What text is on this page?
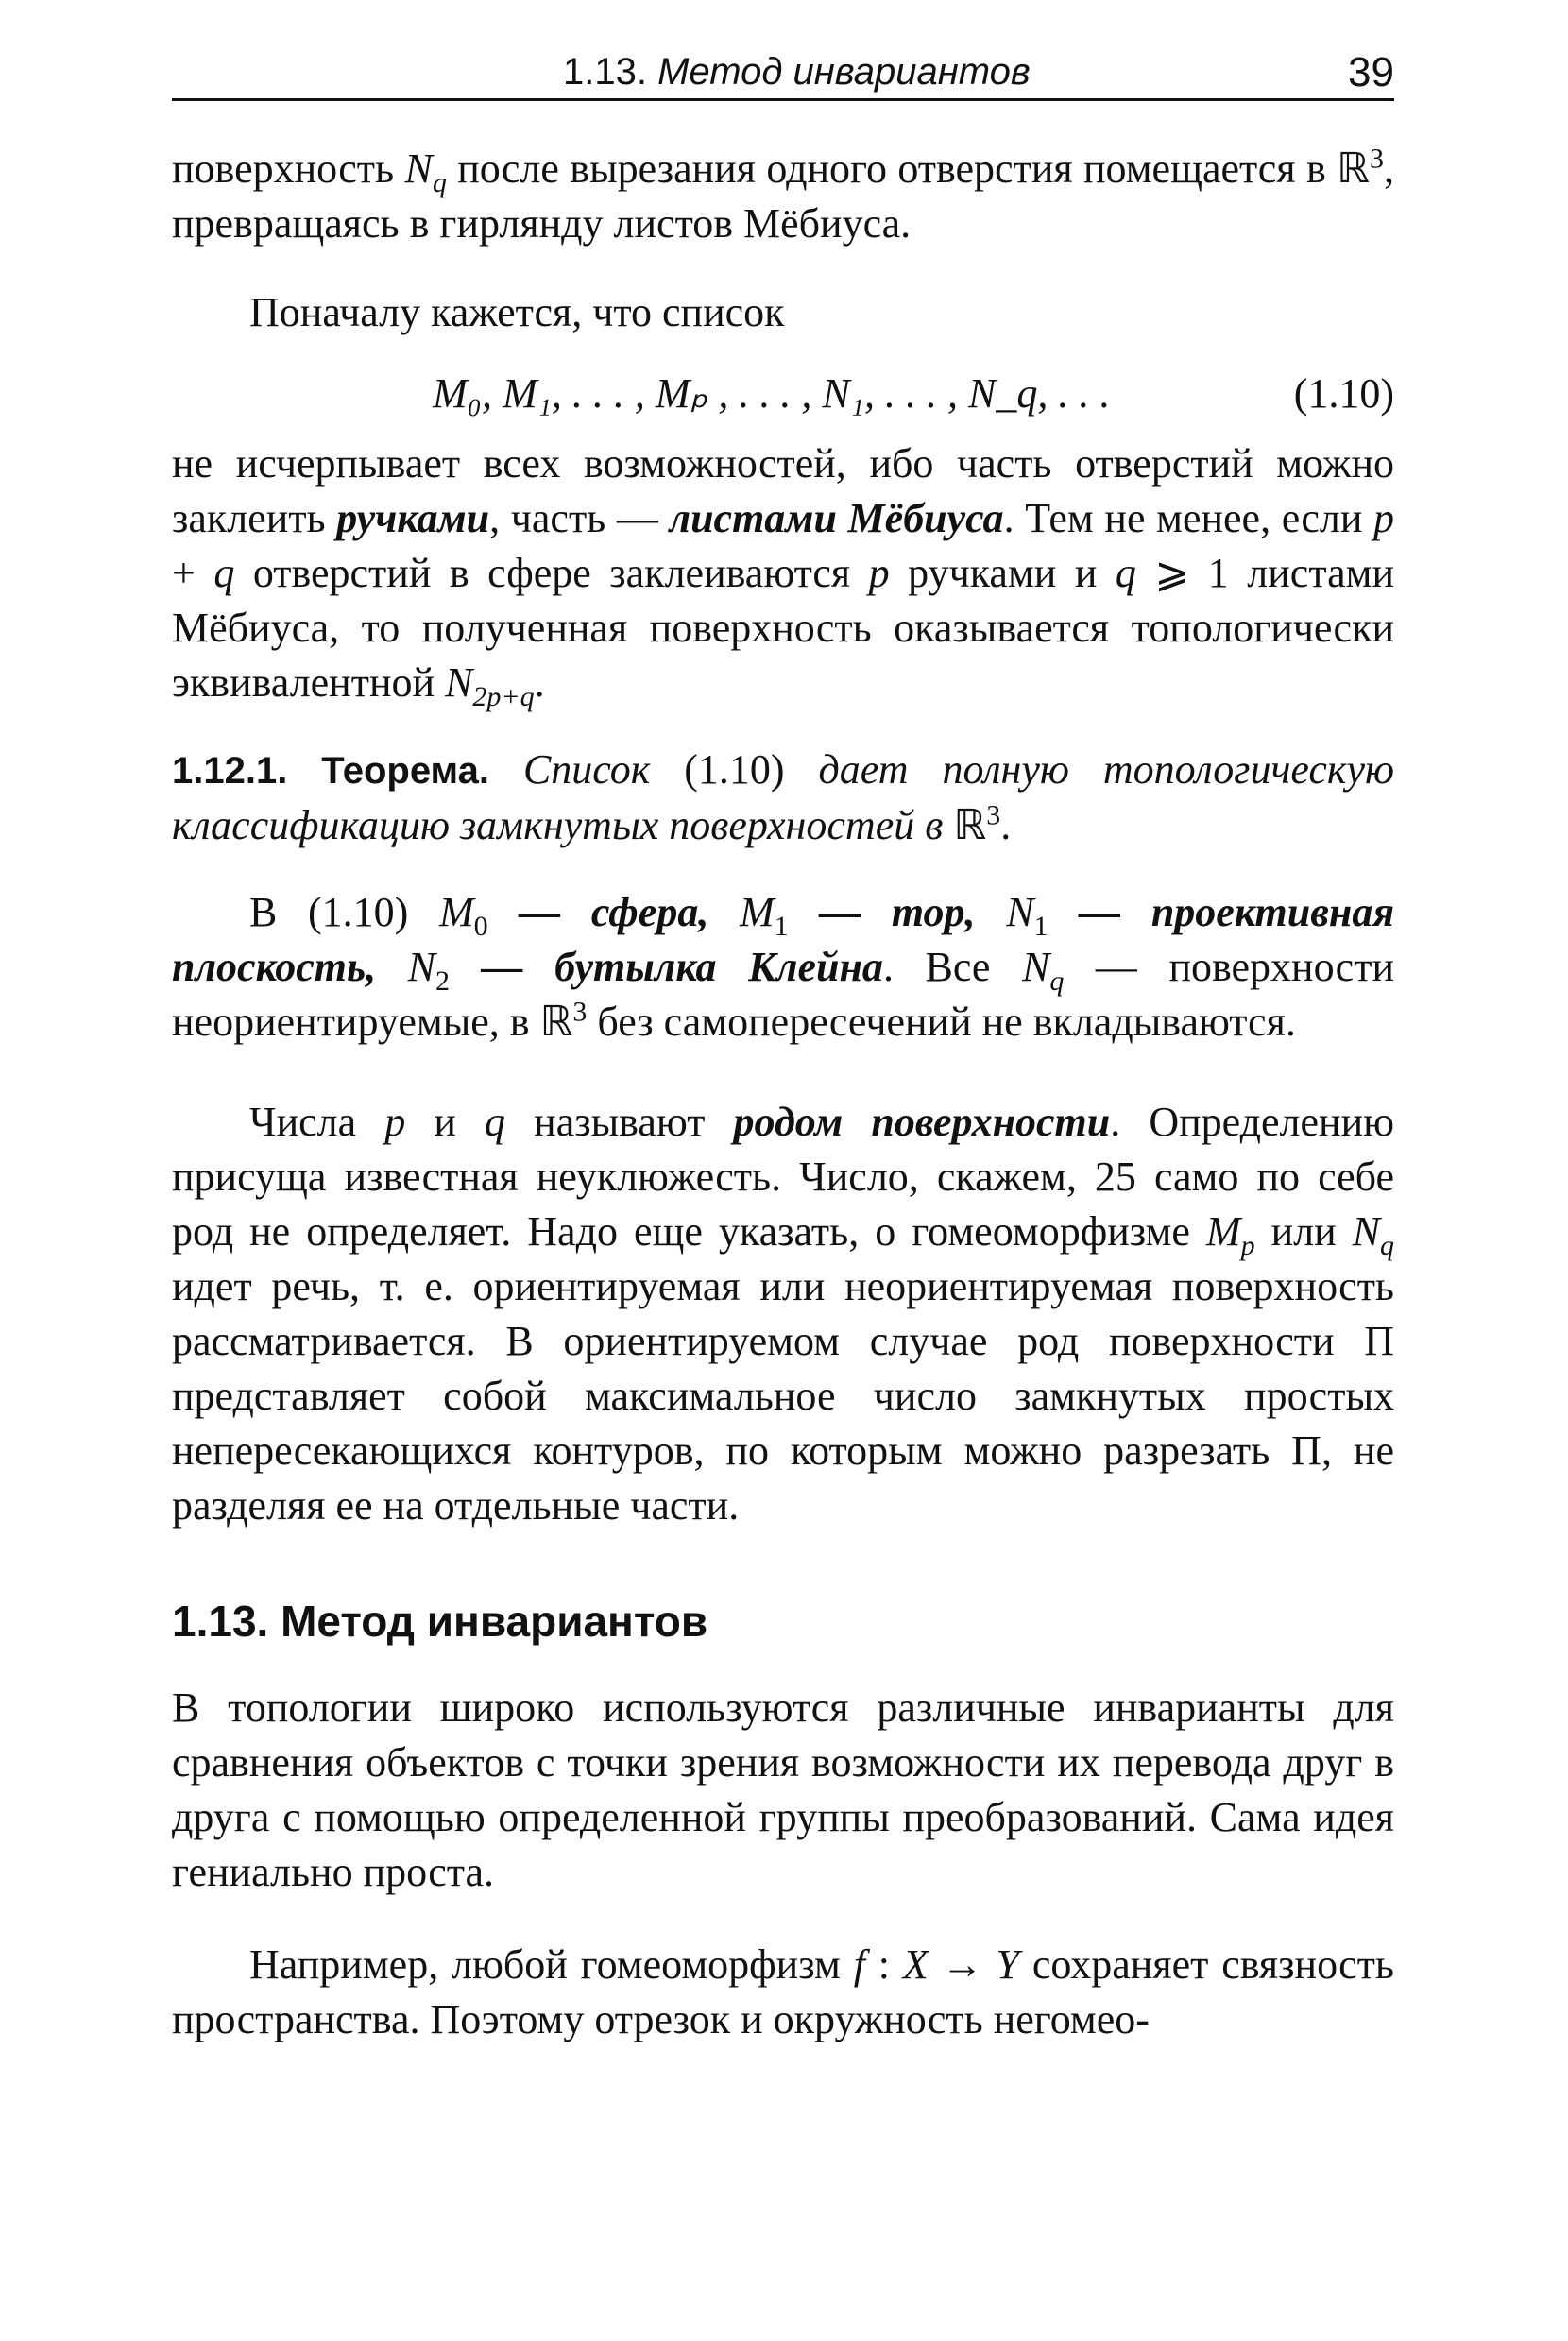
1.13. Метод инвариантов	39

поверхность $N_q$ после вырезания одного отверстия помещается в ℝ$^3$, превращаясь в гирлянду листов Мёбиуса.

Поначалу кажется, что список

M₀, M₁, . . . , Mₚ , . . . , N₁, . . . , N_q, . . .	(1.10)

не исчерпывает всех возможностей, ибо часть отверстий можно заклеить ручками, часть — листами Мёбиуса. Тем не менее, если p + q отверстий в сфере заклеиваются p ручками и q ⩾ 1 листами Мёбиуса, то полученная поверхность оказывается топологически эквивалентной $N_{2p+q}$.

1.12.1. Теорема. Список (1.10) дает полную топологическую классификацию замкнутых поверхностей в ℝ$^3$.

В (1.10) $M_0$ — сфера, $M_1$ — тор, $N_1$ — проективная плоскость, $N_2$ — бутылка Клейна. Все $N_q$ — поверхности неориентируемые, в ℝ$^3$ без самопересечений не вкладываются.

Числа p и q называют родом поверхности. Определению присуща известная неуклюжесть. Число, скажем, 25 само по себе род не определяет. Надо еще указать, о гомеоморфизме $M_p$ или $N_q$ идет речь, т. е. ориентируемая или неориентируемая поверхность рассматривается. В ориентируемом случае род поверхности П представляет собой максимальное число замкнутых простых непересекающихся контуров, по которым можно разрезать П, не разделяя ее на отдельные части.

1.13. Метод инвариантов

В топологии широко используются различные инварианты для сравнения объектов с точки зрения возможности их перевода друг в друга с помощью определенной группы преобразований. Сама идея гениально проста.

Например, любой гомеоморфизм f : X → Y сохраняет связность пространства. Поэтому отрезок и окружность негомео-
